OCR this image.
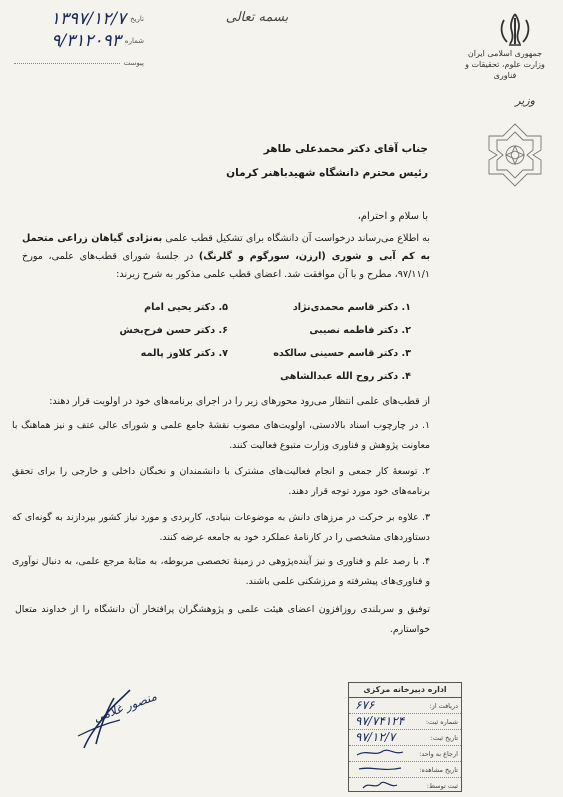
تاریخ
۱۳۹۷/۱۲/۷
شماره
۹/۳۱۲۰۹۳
پیوست
بسمه تعالی
جمهوری اسلامی ایران
وزارت علوم، تحقیقات و فناوری
وزیر
جناب آقای دکتر محمدعلی طاهر
رئیس محترم دانشگاه شهیدباهنر کرمان
با سلام و احترام،
به اطلاع می‌رساند درخواست آن دانشگاه برای تشکیل قطب علمی به‌نژادی گیاهان زراعی متحمل به کم آبی و شوری (ارزن، سورگوم و گلرنگ) در جلسهٔ شورای قطب‌های علمی، مورخ ۹۷/۱۱/۱، مطرح و با آن موافقت شد. اعضای قطب علمی مذکور به شرح زیرند:
۱. دکتر قاسم محمدی‌نژاد
۲. دکتر فاطمه نصیبی
۳. دکتر قاسم حسینی سالکده
۴. دکتر روح الله عبدالشاهی
۵. دکتر یحیی امام
۶. دکتر حسن فرح‌بخش
۷. دکتر کلاوز پالمه
از قطب‌های علمی انتظار می‌رود محورهای زیر را در اجرای برنامه‌های خود در اولویت قرار دهند:
۱. در چارچوب اسناد بالادستی، اولویت‌های مصوب نقشهٔ جامع علمی و شورای عالی عتف و نیز هماهنگ با معاونت پژوهش و فناوری وزارت متبوع فعالیت کنند.
۲. توسعهٔ کار جمعی و انجام فعالیت‌های مشترک با دانشمندان و نخبگان داخلی و خارجی را برای تحقق برنامه‌های خود مورد توجه قرار دهند.
۳. علاوه بر حرکت در مرزهای دانش به موضوعات بنیادی، کاربردی و مورد نیاز کشور بپردازند به گونه‌ای که دستاوردهای مشخصی را در کارنامهٔ عملکرد خود به جامعه عرضه کنند.
۴. با رصد علم و فناوری و نیز آینده‌پژوهی در زمینهٔ تخصصی مربوطه، به مثابهٔ مرجع علمی، به دنبال نوآوری و فناوری‌های پیشرفته و مرزشکنی علمی باشند.
توفیق و سربلندی روزافزون اعضای هیئت علمی و پژوهشگران پرافتخار آن دانشگاه را از خداوند متعال خواستارم.
منصور غلامی	اداره دبیرخانه مرکزی
دریافت از:
۶۷۶
شماره ثبت:
۹۷/۷۴۱۲۴
تاریخ ثبت:
۹۷/۱۲/۷
ارجاع به واحد:
تاریخ مشاهده:
ثبت توسط:
